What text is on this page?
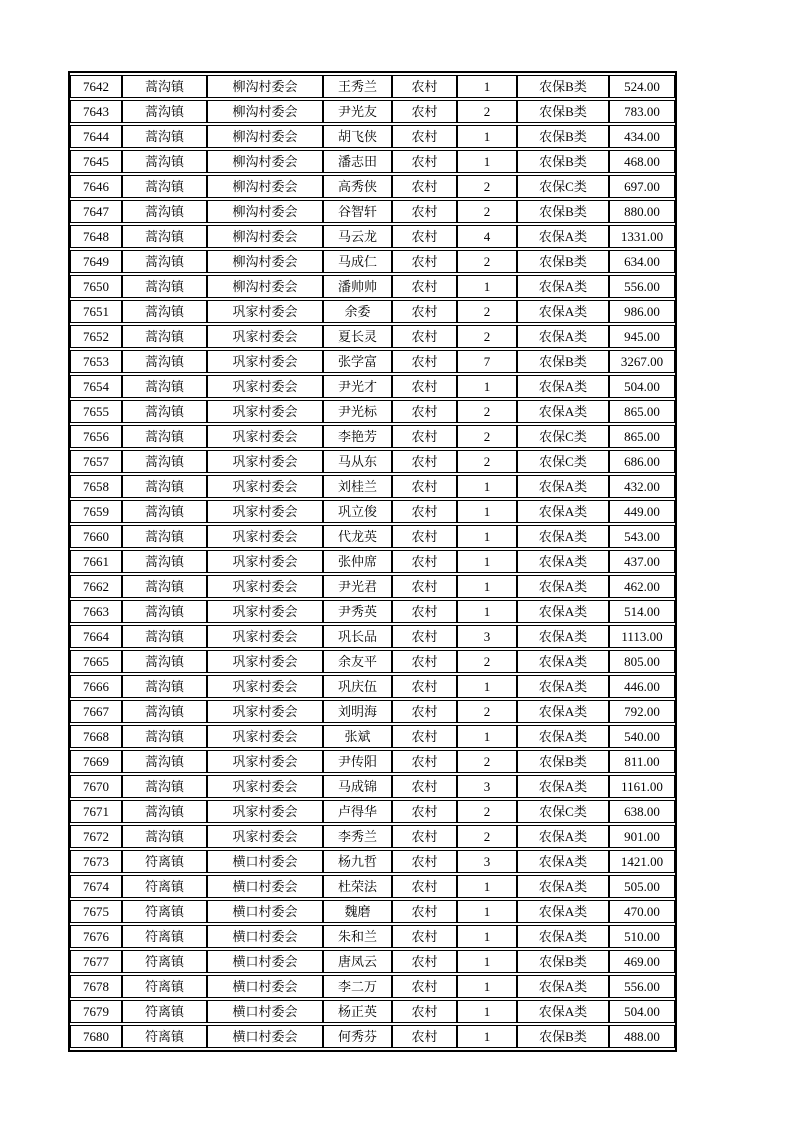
7642	蒿沟镇	柳沟村委会	王秀兰	农村	1	农保B类	524.00
7643	蒿沟镇	柳沟村委会	尹光友	农村	2	农保B类	783.00
7644	蒿沟镇	柳沟村委会	胡飞侠	农村	1	农保B类	434.00
7645	蒿沟镇	柳沟村委会	潘志田	农村	1	农保B类	468.00
7646	蒿沟镇	柳沟村委会	高秀侠	农村	2	农保C类	697.00
7647	蒿沟镇	柳沟村委会	谷智轩	农村	2	农保B类	880.00
7648	蒿沟镇	柳沟村委会	马云龙	农村	4	农保A类	1331.00
7649	蒿沟镇	柳沟村委会	马成仁	农村	2	农保B类	634.00
7650	蒿沟镇	柳沟村委会	潘帅帅	农村	1	农保A类	556.00
7651	蒿沟镇	巩家村委会	余委	农村	2	农保A类	986.00
7652	蒿沟镇	巩家村委会	夏长灵	农村	2	农保A类	945.00
7653	蒿沟镇	巩家村委会	张学富	农村	7	农保B类	3267.00
7654	蒿沟镇	巩家村委会	尹光才	农村	1	农保A类	504.00
7655	蒿沟镇	巩家村委会	尹光标	农村	2	农保A类	865.00
7656	蒿沟镇	巩家村委会	李艳芳	农村	2	农保C类	865.00
7657	蒿沟镇	巩家村委会	马从东	农村	2	农保C类	686.00
7658	蒿沟镇	巩家村委会	刘桂兰	农村	1	农保A类	432.00
7659	蒿沟镇	巩家村委会	巩立俊	农村	1	农保A类	449.00
7660	蒿沟镇	巩家村委会	代龙英	农村	1	农保A类	543.00
7661	蒿沟镇	巩家村委会	张仲席	农村	1	农保A类	437.00
7662	蒿沟镇	巩家村委会	尹光君	农村	1	农保A类	462.00
7663	蒿沟镇	巩家村委会	尹秀英	农村	1	农保A类	514.00
7664	蒿沟镇	巩家村委会	巩长品	农村	3	农保A类	1113.00
7665	蒿沟镇	巩家村委会	余友平	农村	2	农保A类	805.00
7666	蒿沟镇	巩家村委会	巩庆伍	农村	1	农保A类	446.00
7667	蒿沟镇	巩家村委会	刘明海	农村	2	农保A类	792.00
7668	蒿沟镇	巩家村委会	张斌	农村	1	农保A类	540.00
7669	蒿沟镇	巩家村委会	尹传阳	农村	2	农保B类	811.00
7670	蒿沟镇	巩家村委会	马成锦	农村	3	农保A类	1161.00
7671	蒿沟镇	巩家村委会	卢得华	农村	2	农保C类	638.00
7672	蒿沟镇	巩家村委会	李秀兰	农村	2	农保A类	901.00
7673	符离镇	横口村委会	杨九哲	农村	3	农保A类	1421.00
7674	符离镇	横口村委会	杜荣法	农村	1	农保A类	505.00
7675	符离镇	横口村委会	魏磨	农村	1	农保A类	470.00
7676	符离镇	横口村委会	朱和兰	农村	1	农保A类	510.00
7677	符离镇	横口村委会	唐凤云	农村	1	农保B类	469.00
7678	符离镇	横口村委会	李二万	农村	1	农保A类	556.00
7679	符离镇	横口村委会	杨正英	农村	1	农保A类	504.00
7680	符离镇	横口村委会	何秀芬	农村	1	农保B类	488.00
